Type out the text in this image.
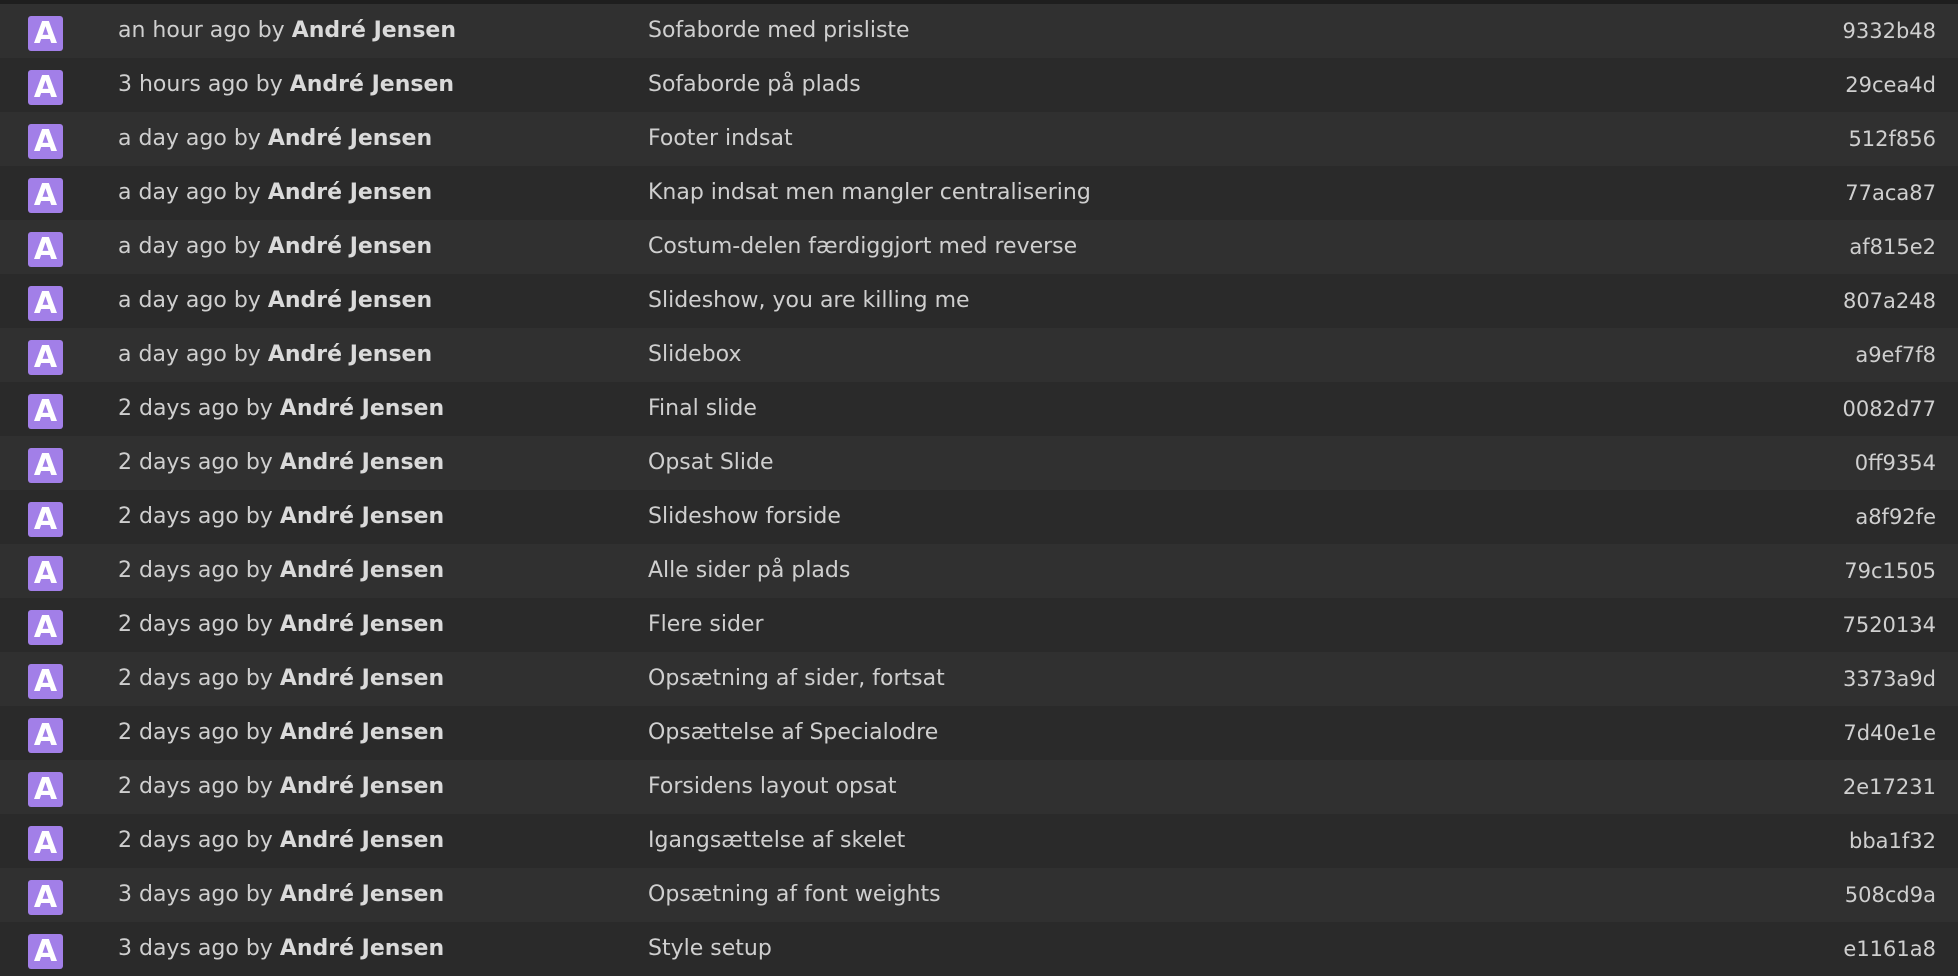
A	an hour ago by André Jensen	Sofaborde med prisliste	9332b48
A	3 hours ago by André Jensen	Sofaborde på plads	29cea4d
A	a day ago by André Jensen	Footer indsat	512f856
A	a day ago by André Jensen	Knap indsat men mangler centralisering	77aca87
A	a day ago by André Jensen	Costum-delen færdiggjort med reverse	af815e2
A	a day ago by André Jensen	Slideshow, you are killing me	807a248
A	a day ago by André Jensen	Slidebox	a9ef7f8
A	2 days ago by André Jensen	Final slide	0082d77
A	2 days ago by André Jensen	Opsat Slide	0ff9354
A	2 days ago by André Jensen	Slideshow forside	a8f92fe
A	2 days ago by André Jensen	Alle sider på plads	79c1505
A	2 days ago by André Jensen	Flere sider	7520134
A	2 days ago by André Jensen	Opsætning af sider, fortsat	3373a9d
A	2 days ago by André Jensen	Opsættelse af Specialodre	7d40e1e
A	2 days ago by André Jensen	Forsidens layout opsat	2e17231
A	2 days ago by André Jensen	Igangsættelse af skelet	bba1f32
A	3 days ago by André Jensen	Opsætning af font weights	508cd9a
A	3 days ago by André Jensen	Style setup	e1161a8
